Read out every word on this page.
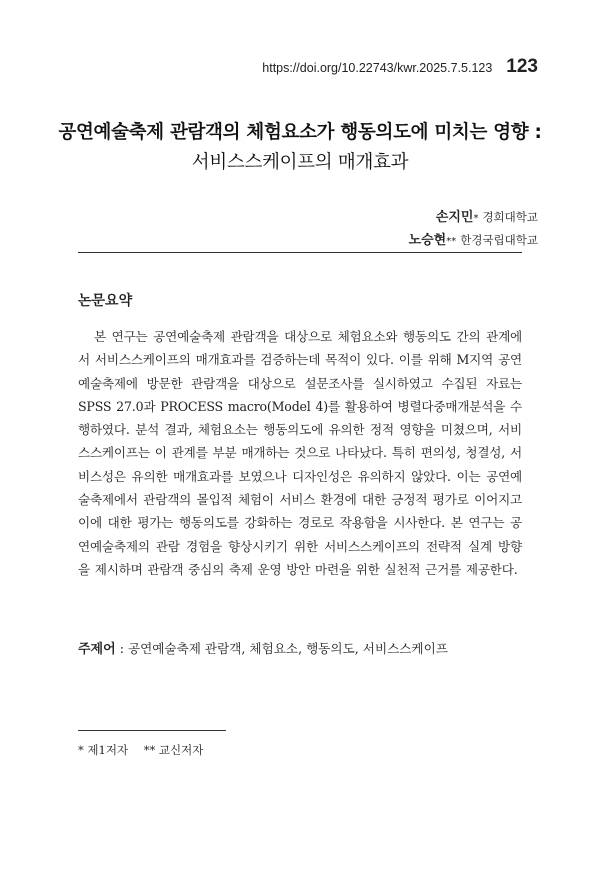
https://doi.org/10.22743/kwr.2025.7.5.123 123
공연예술축제 관람객의 체험요소가 행동의도에 미치는 영향 :
서비스스케이프의 매개효과
손지민* 경희대학교
노승현** 한경국립대학교
논문요약
본 연구는 공연예술축제 관람객을 대상으로 체험요소와 행동의도 간의 관계에서 서비스스케이프의 매개효과를 검증하는데 목적이 있다. 이를 위해 M지역 공연예술축제에 방문한 관람객을 대상으로 설문조사를 실시하였고 수집된 자료는 SPSS 27.0과 PROCESS macro(Model 4)를 활용하여 병렬다중매개분석을 수행하였다. 분석 결과, 체험요소는 행동의도에 유의한 정적 영향을 미쳤으며, 서비스스케이프는 이 관계를 부분 매개하는 것으로 나타났다. 특히 편의성, 청결성, 서비스성은 유의한 매개효과를 보였으나 디자인성은 유의하지 않았다. 이는 공연예술축제에서 관람객의 몰입적 체험이 서비스 환경에 대한 긍정적 평가로 이어지고 이에 대한 평가는 행동의도를 강화하는 경로로 작용함을 시사한다. 본 연구는 공연예술축제의 관람 경험을 향상시키기 위한 서비스스케이프의 전략적 실계 방향을 제시하며 관람객 중심의 축제 운영 방안 마련을 위한 실천적 근거를 제공한다.
주제어 : 공연예술축제 관람객, 체험요소, 행동의도, 서비스스케이프
* 제1저자 ** 교신저자
